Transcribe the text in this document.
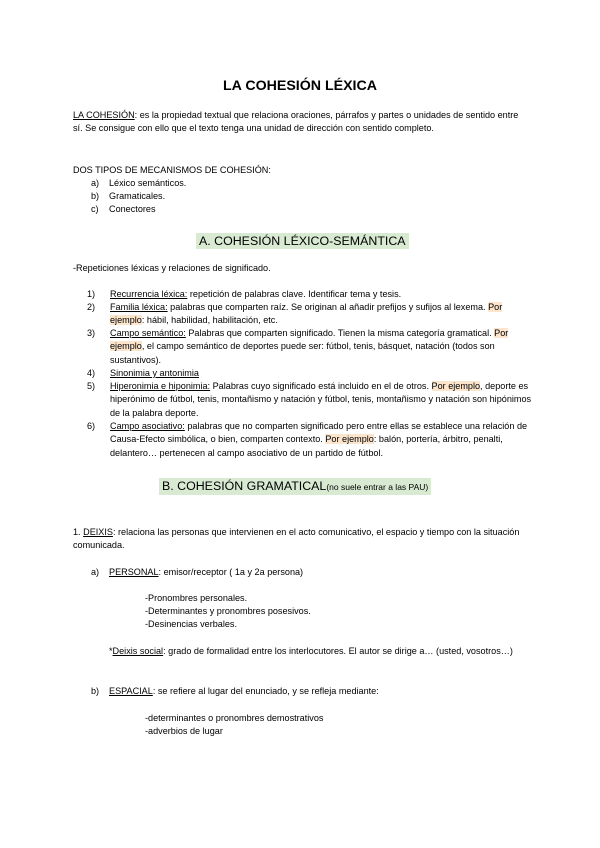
LA COHESIÓN LÉXICA
LA COHESIÓN: es la propiedad textual que relaciona oraciones, párrafos y partes o unidades de sentido entre sí. Se consigue con ello que el texto tenga una unidad de dirección con sentido completo.
DOS TIPOS DE MECANISMOS DE COHESIÓN:
a) Léxico semánticos.
b) Gramaticales.
c) Conectores
A. COHESIÓN LÉXICO-SEMÁNTICA
-Repeticiones léxicas y relaciones de significado.
1) Recurrencia léxica: repetición de palabras clave. Identificar tema y tesis.
2) Familia léxica: palabras que comparten raíz. Se originan al añadir prefijos y sufijos al lexema. Por ejemplo: hábil, habilidad, habilitación, etc.
3) Campo semántico: Palabras que comparten significado. Tienen la misma categoría gramatical. Por ejemplo, el campo semántico de deportes puede ser: fútbol, tenis, básquet, natación (todos son sustantivos).
4) Sinonimia y antonimia
5) Hiperonimia e hiponimia: Palabras cuyo significado está incluido en el de otros. Por ejemplo, deporte es hiperónimo de fútbol, tenis, montañismo y natación y fútbol, tenis, montañismo y natación son hipónimos de la palabra deporte.
6) Campo asociativo: palabras que no comparten significado pero entre ellas se establece una relación de Causa-Efecto simbólica, o bien, comparten contexto. Por ejemplo: balón, portería, árbitro, penalti, delantero… pertenecen al campo asociativo de un partido de fútbol.
B. COHESIÓN GRAMATICAL(no suele entrar a las PAU)
1. DEIXIS: relaciona las personas que intervienen en el acto comunicativo, el espacio y tiempo con la situación comunicada.
a) PERSONAL: emisor/receptor ( 1a y 2a persona)
-Pronombres personales.
-Determinantes y pronombres posesivos.
-Desinencias verbales.
*Deixis social: grado de formalidad entre los interlocutores. El autor se dirige a… (usted, vosotros…)
b) ESPACIAL: se refiere al lugar del enunciado, y se refleja mediante:
-determinantes o pronombres demostrativos
-adverbios de lugar
